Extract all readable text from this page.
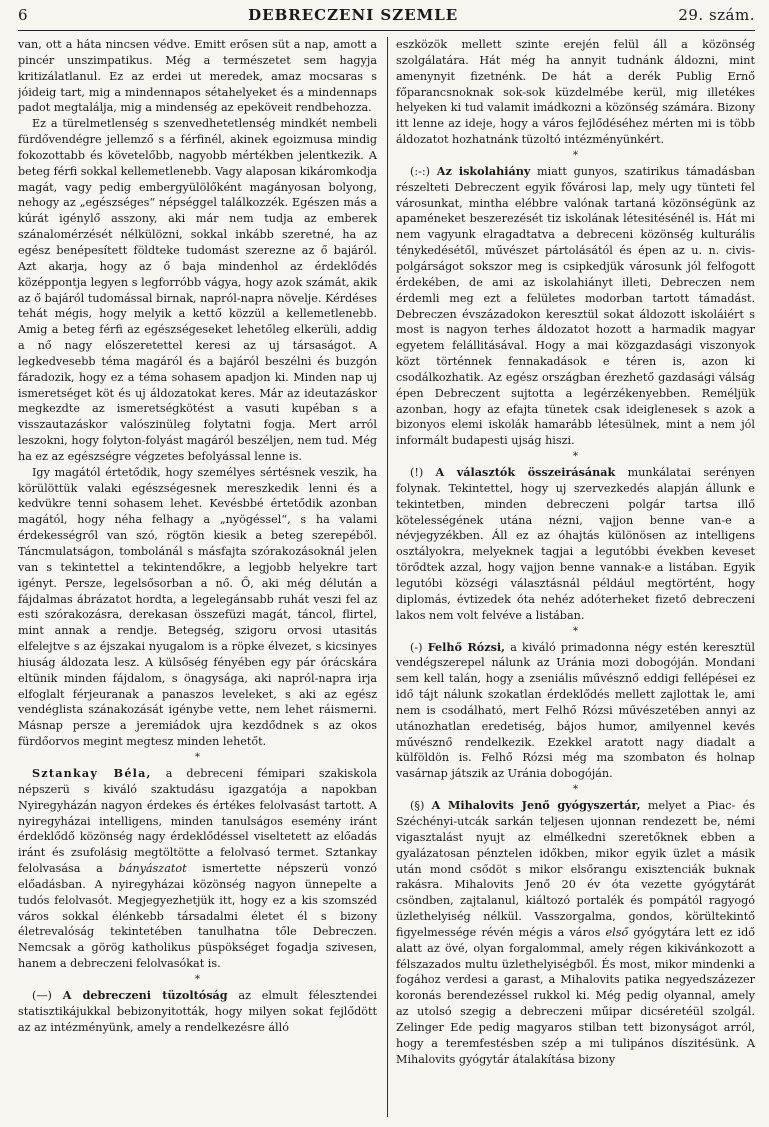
6	DEBRECZENI SZEMLE	29. szám.

van, ott a háta nincsen védve. Emitt erősen süt a nap, amott a pincér unszimpatikus. Még a természetet sem hagyja kritizálatlanul. Ez az erdei ut meredek, amaz mocsaras s jóideig tart, mig a mindennapos sétahelyeket és a mindennaps padot megtalálja, mig a mindenség az epeköveit rendbehozza.

Ez a türelmetlenség s szenvedhetetlenség mindkét nembeli fürdővendégre jellemző s a férfinél, akinek egoizmusa mindig fokozottabb és követelőbb, nagyobb mértékben jelentkezik. A beteg férfi sokkal kellemetlenebb. Vagy alaposan kikáromkodja magát, vagy pedig embergyülölőként magányosan bolyong, nehogy az „egészséges“ népséggel találkozzék. Egészen más a kúrát igénylő asszony, aki már nem tudja az emberek szánalomérzését nélkülözni, sokkal inkább szeretné, ha az egész benépesített földteke tudomást szerezne az ő bajáról. Azt akarja, hogy az ő baja mindenhol az érdeklődés középpontja legyen s legforróbb vágya, hogy azok számát, akik az ő bajáról tudomással birnak, napról-napra növelje. Kérdéses tehát mégis, hogy melyik a kettő közzül a kellemetlenebb. Amig a beteg férfi az egészségeseket lehetőleg elkerüli, addig a nő nagy előszeretettel keresi az uj társaságot. A legkedvesebb téma magáról és a bajáról beszélni és buzgón fáradozik, hogy ez a téma sohasem apadjon ki. Minden nap uj ismeretséget köt és uj áldozatokat keres. Már az ideutazáskor megkezdte az ismeretségkötést a vasuti kupéban s a visszautazáskor valószinüleg folytatni fogja. Mert arról leszokni, hogy folyton-folyást magáról beszéljen, nem tud. Még ha ez az egészségre végzetes befolyással lenne is.

Igy magától értetődik, hogy személyes sértésnek veszik, ha körülöttük valaki egészségesnek mereszkedik lenni és a kedvükre tenni sohasem lehet. Kevésbbé értetődik azonban magától, hogy néha felhagy a „nyögéssel“, s ha valami érdekességről van szó, rögtön kiesik a beteg szerepéből. Táncmulatságon, tombolánál s másfajta szórakozásoknál jelen van s tekintettel a tekintendőkre, a legjobb helyekre tart igényt. Persze, legelsősorban a nő. Ő, aki még délután a fájdalmas ábrázatot hordta, a legelegánsabb ruhát veszi fel az esti szórakozásra, derekasan összefüzi magát, táncol, flirtel, mint annak a rendje. Betegség, szigoru orvosi utasitás elfelejtve s az éjszakai nyugalom is a röpke élvezet, s kicsinyes hiuság áldozata lesz. A külsőség fényében egy pár órácskára eltünik minden fájdalom, s önagysága, aki napról-napra irja elfoglalt férjeuranak a panaszos leveleket, s aki az egész vendéglista szánakozását igénybe vette, nem lehet ráismerni. Másnap persze a jeremiádok ujra kezdődnek s az okos fürdőorvos megint megtesz minden lehetőt.

*

Sztankay Béla, a debreceni fémipari szakiskola népszerü s kiváló szaktudásu igazgatója a napokban Nyiregyházán nagyon érdekes és értékes felolvasást tartott. A nyiregyházai intelligens, minden tanulságos esemény iránt érdeklődő közönség nagy érdeklődéssel viseltetett az előadás iránt és zsufolásig megtöltötte a felolvasó termet. Sztankay felolvasása a bányászatot ismertette népszerü vonzó előadásban. A nyiregyházai közönség nagyon ünnepelte a tudós felolvasót. Megjegyezhetjük itt, hogy ez a kis szomszéd város sokkal élénkebb társadalmi életet él s bizony életrevalóság tekintetében tanulhatna tőle Debreczen. Nemcsak a görög katholikus püspökséget fogadja szivesen, hanem a debreczeni felolvasókat is.

*

(—) A debreczeni tüzoltóság az elmult félesztendei statisztikájukkal bebizonyitották, hogy milyen sokat fejlődött az az intézményünk, amely a rendelkezésre álló

eszközök mellett szinte erején felül áll a közönség szolgálatára. Hát még ha annyit tudnánk áldozni, mint amenynyit fizetnénk. De hát a derék Publig Ernő főparancsnoknak sok-sok küzdelmébe kerül, mig illetékes helyeken ki tud valamit imádkozni a közönség számára. Bizony itt lenne az ideje, hogy a város fejlődéséhez mérten mi is több áldozatot hozhatnánk tüzoltó intézményünkért.

*

(:-:) Az iskolahiány miatt gunyos, szatirikus támadásban részelteti Debreczent egyik fővárosi lap, mely ugy tünteti fel városunkat, mintha elébbre valónak tartaná közönségünk az apaméneket beszerezését tiz iskolának létesitésénél is. Hát mi nem vagyunk elragadtatva a debreceni közönség kulturális ténykedésétől, művészet pártolásától és épen az u. n. civis-polgárságot sokszor meg is csipkedjük városunk jól felfogott érdekében, de ami az iskolahiányt illeti, Debreczen nem érdemli meg ezt a felületes modorban tartott támadást. Debreczen évszázadokon keresztül sokat áldozott iskoláiért s most is nagyon terhes áldozatot hozott a harmadik magyar egyetem felállitásával. Hogy a mai közgazdasági viszonyok közt történnek fennakadások e téren is, azon ki csodálkozhatik. Az egész országban érezhető gazdasági válság épen Debreczent sujtotta a legérzékenyebben. Reméljük azonban, hogy az efajta tünetek csak ideiglenesek s azok a bizonyos elemi iskolák hamarább létesülnek, mint a nem jól informált budapesti ujság hiszi.

*

(!) A választók összeirásának munkálatai serényen folynak. Tekintettel, hogy uj szervezkedés alapján állunk e tekintetben, minden debreczeni polgár tartsa illő kötelességének utána nézni, vajjon benne van-e a névjegyzékben. Áll ez az óhajtás különösen az intelligens osztályokra, melyeknek tagjai a legutóbbi években keveset törődtek azzal, hogy vajjon benne vannak-e a listában. Egyik legutóbi községi választásnál például megtörtént, hogy diplomás, évtizedek óta nehéz adóterheket fizető debreczeni lakos nem volt felvéve a listában.

*

(-) Felhő Rózsi, a kiváló primadonna négy estén keresztül vendégszerepel nálunk az Uránia mozi dobogóján. Mondani sem kell talán, hogy a zseniális művésznő eddigi fellépései ez idő tájt nálunk szokatlan érdeklődés mellett zajlottak le, ami nem is csodálható, mert Felhő Rózsi művészetében annyi az utánozhatlan eredetiség, bájos humor, amilyennel kevés művésznő rendelkezik. Ezekkel aratott nagy diadalt a külföldön is. Felhő Rózsi még ma szombaton és holnap vasárnap játszik az Uránia dobogóján.

*

(§) A Mihalovits Jenő gyógyszertár, melyet a Piac- és Széchényi-utcák sarkán teljesen ujonnan rendezett be, némi vigasztalást nyujt az elmélkedni szeretőknek ebben a gyalázatosan pénztelen időkben, mikor egyik üzlet a másik után mond csődöt s mikor elsőrangu exisztenciák buknak rakásra. Mihalovits Jenő 20 év óta vezette gyógytárát csöndben, zajtalanul, kiáltozó portalék és pompától ragyogó üzlethelyiség nélkül. Vasszorgalma, gondos, körültekintő figyelmessége révén mégis a város első gyógytára lett ez idő alatt az övé, olyan forgalommal, amely régen kikivánkozott a félszazados multu üzlethelyiségből. És most, mikor mindenki a fogához verdesi a garast, a Mihalovits patika negyedszázezer koronás berendezéssel rukkol ki. Még pedig olyannal, amely az utolsó szegig a debreczeni műipar dicséretéül szolgál. Zelinger Ede pedig magyaros stilban tett bizonyságot arról, hogy a teremfestésben szép a mi tulipános díszitésünk. A Mihalovits gyógytár átalakítása bizony
